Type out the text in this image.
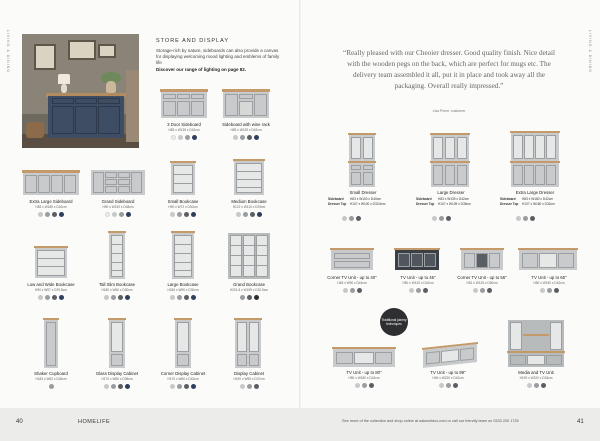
LIVING & DINING	LIVING & DINING
STORE AND DISPLAY

Storage-rich by nature, sideboards can also provide a canvas for displaying welcoming mood lighting and emblems of family life

Discover our range of lighting on page 82.

3 Door Sideboard
H83 x W139 x D42cm
Sideboard with wine rack
H83 x W139 x D42cm
Extra Large Sideboard
H83 x W180 x D42cm
Grand Sideboard
H90 x W192 x D48cm
Small Bookcase
H90 x W72 x D30cm
Medium Bookcase
H122 x W110 x D29cm
Low and Wide Bookcase
H90 x W97 x D29.5cm
Tall Slim Bookcase
H180 x W60 x D30cm
Large Bookcase
H180 x W90 x D30cm
Grand Bookcase
H201.8 x W199 x D32.5cm
Shaker Cupboard
H183 x W62 x D45cm
Glass Display Cabinet
H170 x W60 x D35cm
Corner Display Cabinet
H170 x W60 x D42cm
Display Cabinet
H190 x W95 x D37cm
“Really pleased with our Cheoier dresser. Good quality finish. Nice detail with the wooden pegs on the back, which are perfect for mugs etc. The delivery team assembled it all, put it in place and took away all the packaging. Overall really impressed.”
Lisa Pimm, customer
Small Dresser
Sideboard H83 x W100 x D40cm
Dresser Top H107 x W100 x D33.5cm
Large Dresser
Sideboard H83 x W139 x D42cm
Dresser Top H107 x W139 x D35cm
Extra Large Dresser
Sideboard H83 x W180 x D42cm
Dresser Top H107 x W180 x D32cm
Corner TV Unit - up to 40"
H48 x W90 x D44cm
TV Unit - up to 45"
H50 x W120 x D42cm
Corner TV Unit - up to 56"
H52 x W125 x D50cm
TV Unit - up to 65"
H50 x W150 x D42cm
Traditional joinery techniques
TV Unit - up to 80"
H50 x W180 x D42cm
TV Unit - up to 99"
H45 x W220 x D42cm
Media and TV Unit
H190 x W220 x D33cm
40	HOMELIFE	See more of the collection and shop online at oakworldco.com or call our friendly team on 0333 200 1725	41
